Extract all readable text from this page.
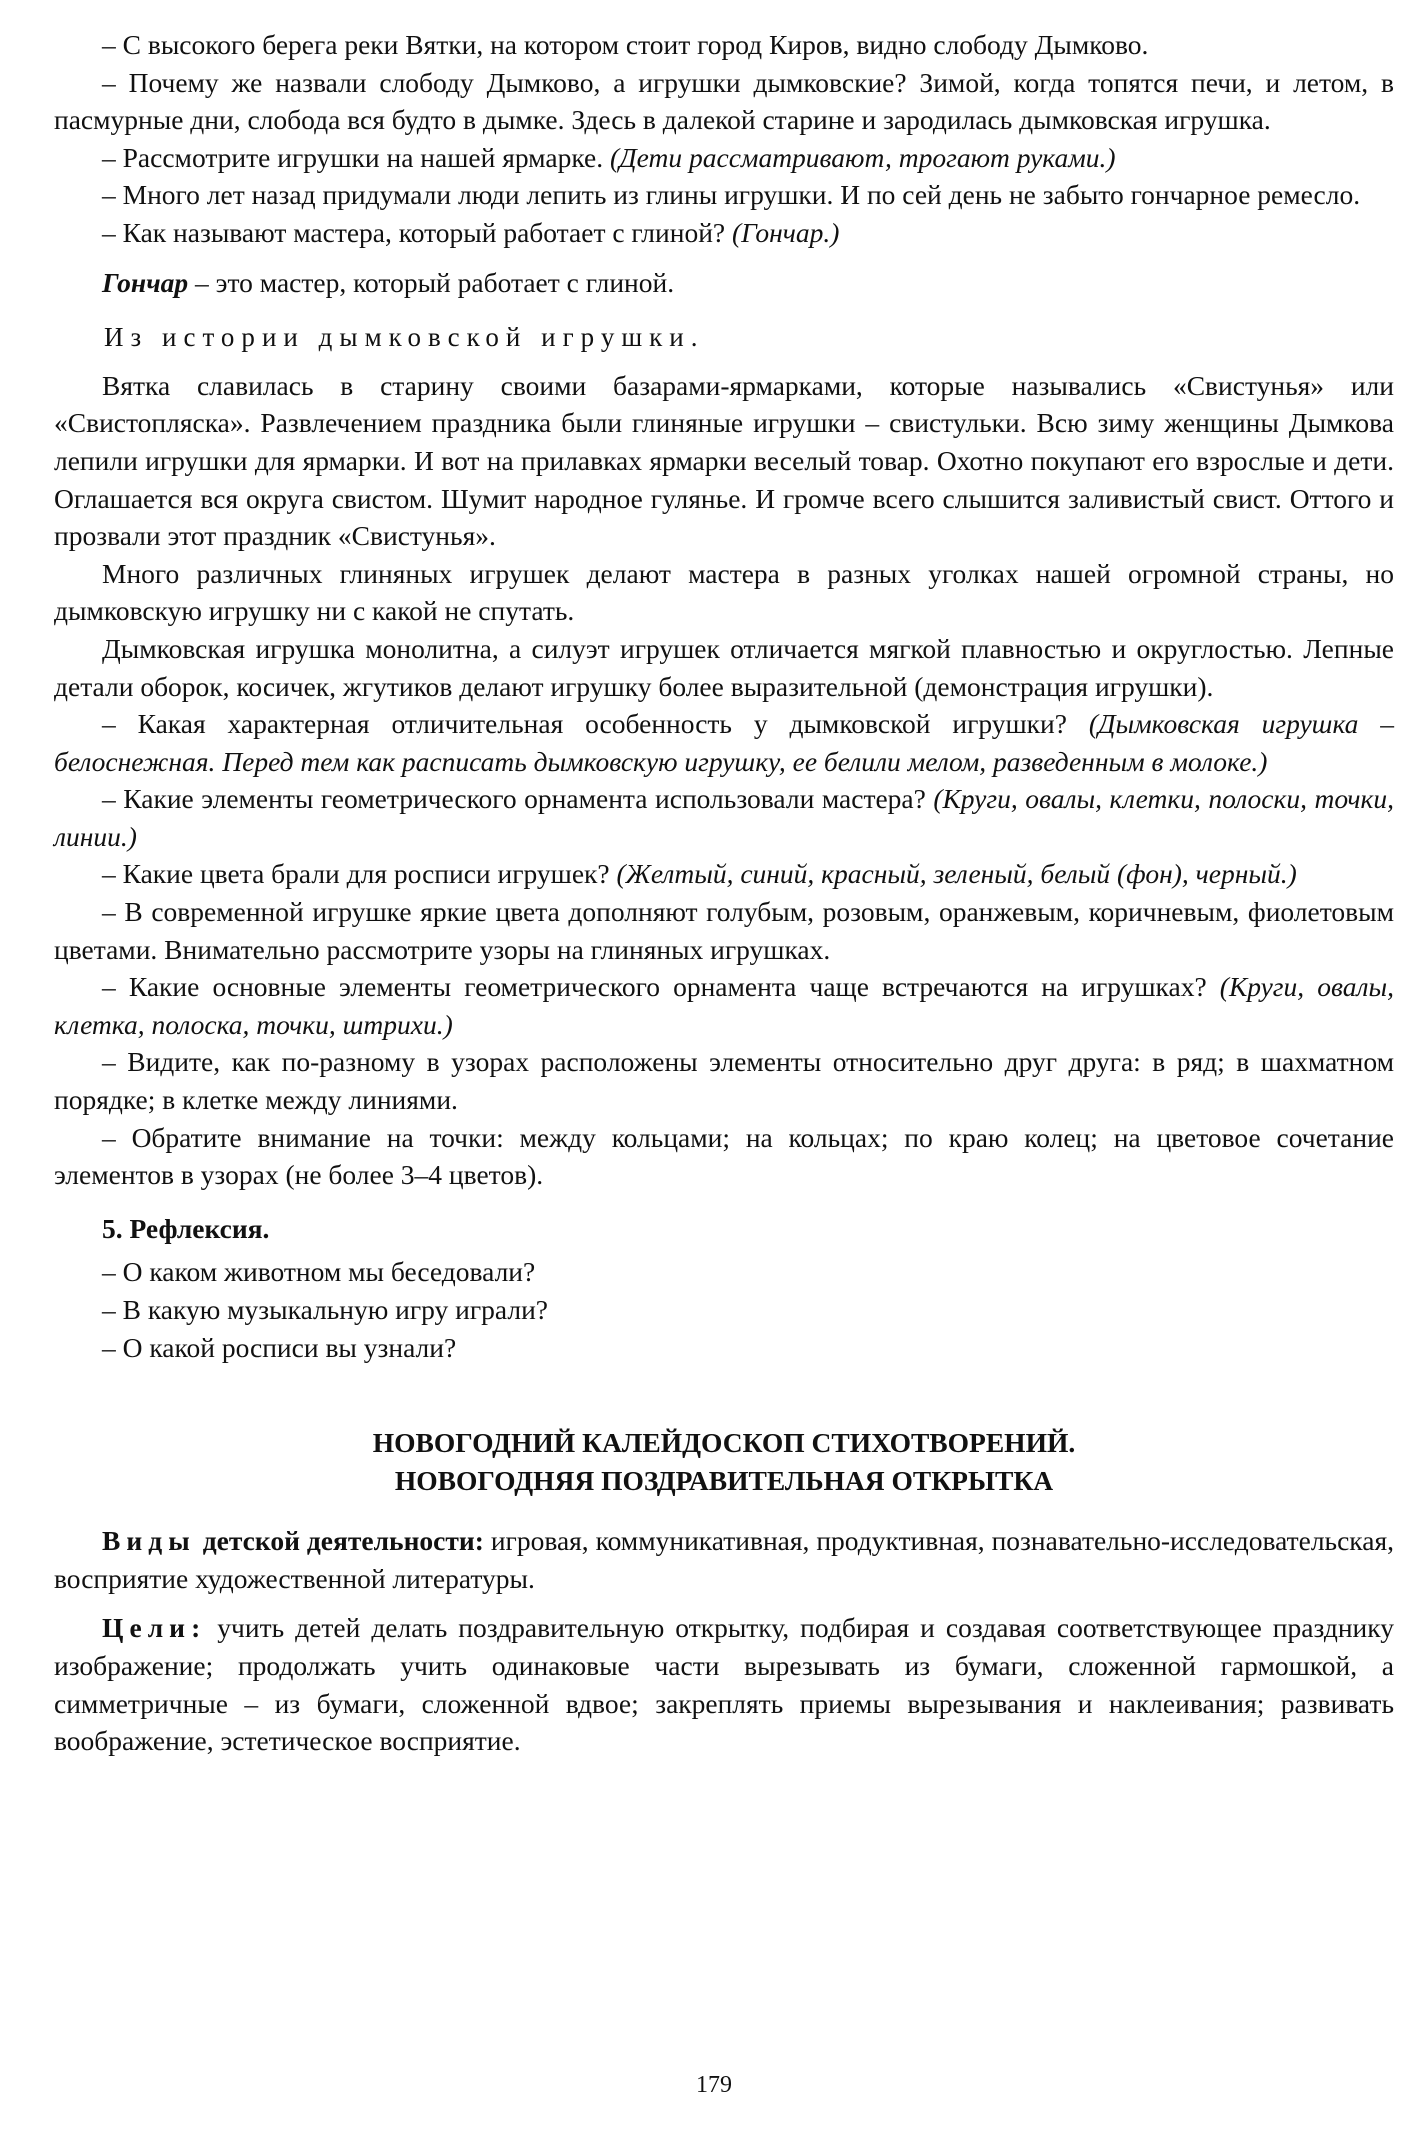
– С высокого берега реки Вятки, на котором стоит город Киров, видно слободу Дымково.

– Почему же назвали слободу Дымково, а игрушки дымковские? Зимой, когда топятся печи, и летом, в пасмурные дни, слобода вся будто в дымке. Здесь в далекой старине и зародилась дымковская игрушка.

– Рассмотрите игрушки на нашей ярмарке. (Дети рассматривают, трогают руками.)

– Много лет назад придумали люди лепить из глины игрушки. И по сей день не забыто гончарное ремесло.

– Как называют мастера, который работает с глиной? (Гончар.)

Гончар – это мастер, который работает с глиной.

Из истории дымковской игрушки.

Вятка славилась в старину своими базарами-ярмарками, которые назывались «Свистунья» или «Свистопляска». Развлечением праздника были глиняные игрушки – свистульки. Всю зиму женщины Дымкова лепили игрушки для ярмарки. И вот на прилавках ярмарки веселый товар. Охотно покупают его взрослые и дети. Оглашается вся округа свистом. Шумит народное гулянье. И громче всего слышится заливистый свист. Оттого и прозвали этот праздник «Свистунья».

Много различных глиняных игрушек делают мастера в разных уголках нашей огромной страны, но дымковскую игрушку ни с какой не спутать.

Дымковская игрушка монолитна, а силуэт игрушек отличается мягкой плавностью и округлостью. Лепные детали оборок, косичек, жгутиков делают игрушку более выразительной (демонстрация игрушки).

– Какая характерная отличительная особенность у дымковской игрушки? (Дымковская игрушка – белоснежная. Перед тем как расписать дымковскую игрушку, ее белили мелом, разведенным в молоке.)

– Какие элементы геометрического орнамента использовали мастера? (Круги, овалы, клетки, полоски, точки, линии.)

– Какие цвета брали для росписи игрушек? (Желтый, синий, красный, зеленый, белый (фон), черный.)

– В современной игрушке яркие цвета дополняют голубым, розовым, оранжевым, коричневым, фиолетовым цветами. Внимательно рассмотрите узоры на глиняных игрушках.

– Какие основные элементы геометрического орнамента чаще встречаются на игрушках? (Круги, овалы, клетка, полоска, точки, штрихи.)

– Видите, как по-разному в узорах расположены элементы относительно друг друга: в ряд; в шахматном порядке; в клетке между линиями.

– Обратите внимание на точки: между кольцами; на кольцах; по краю колец; на цветовое сочетание элементов в узорах (не более 3–4 цветов).

5. Рефлексия.

– О каком животном мы беседовали?

– В какую музыкальную игру играли?

– О какой росписи вы узнали?

НОВОГОДНИЙ КАЛЕЙДОСКОП СТИХОТВОРЕНИЙ.
НОВОГОДНЯЯ ПОЗДРАВИТЕЛЬНАЯ ОТКРЫТКА

Виды детской деятельности: игровая, коммуникативная, продуктивная, познавательно-исследовательская, восприятие художественной литературы.

Цели: учить детей делать поздравительную открытку, подбирая и создавая соответствующее празднику изображение; продолжать учить одинаковые части вырезывать из бумаги, сложенной гармошкой, а симметричные – из бумаги, сложенной вдвое; закреплять приемы вырезывания и наклеивания; развивать воображение, эстетическое восприятие.

179
